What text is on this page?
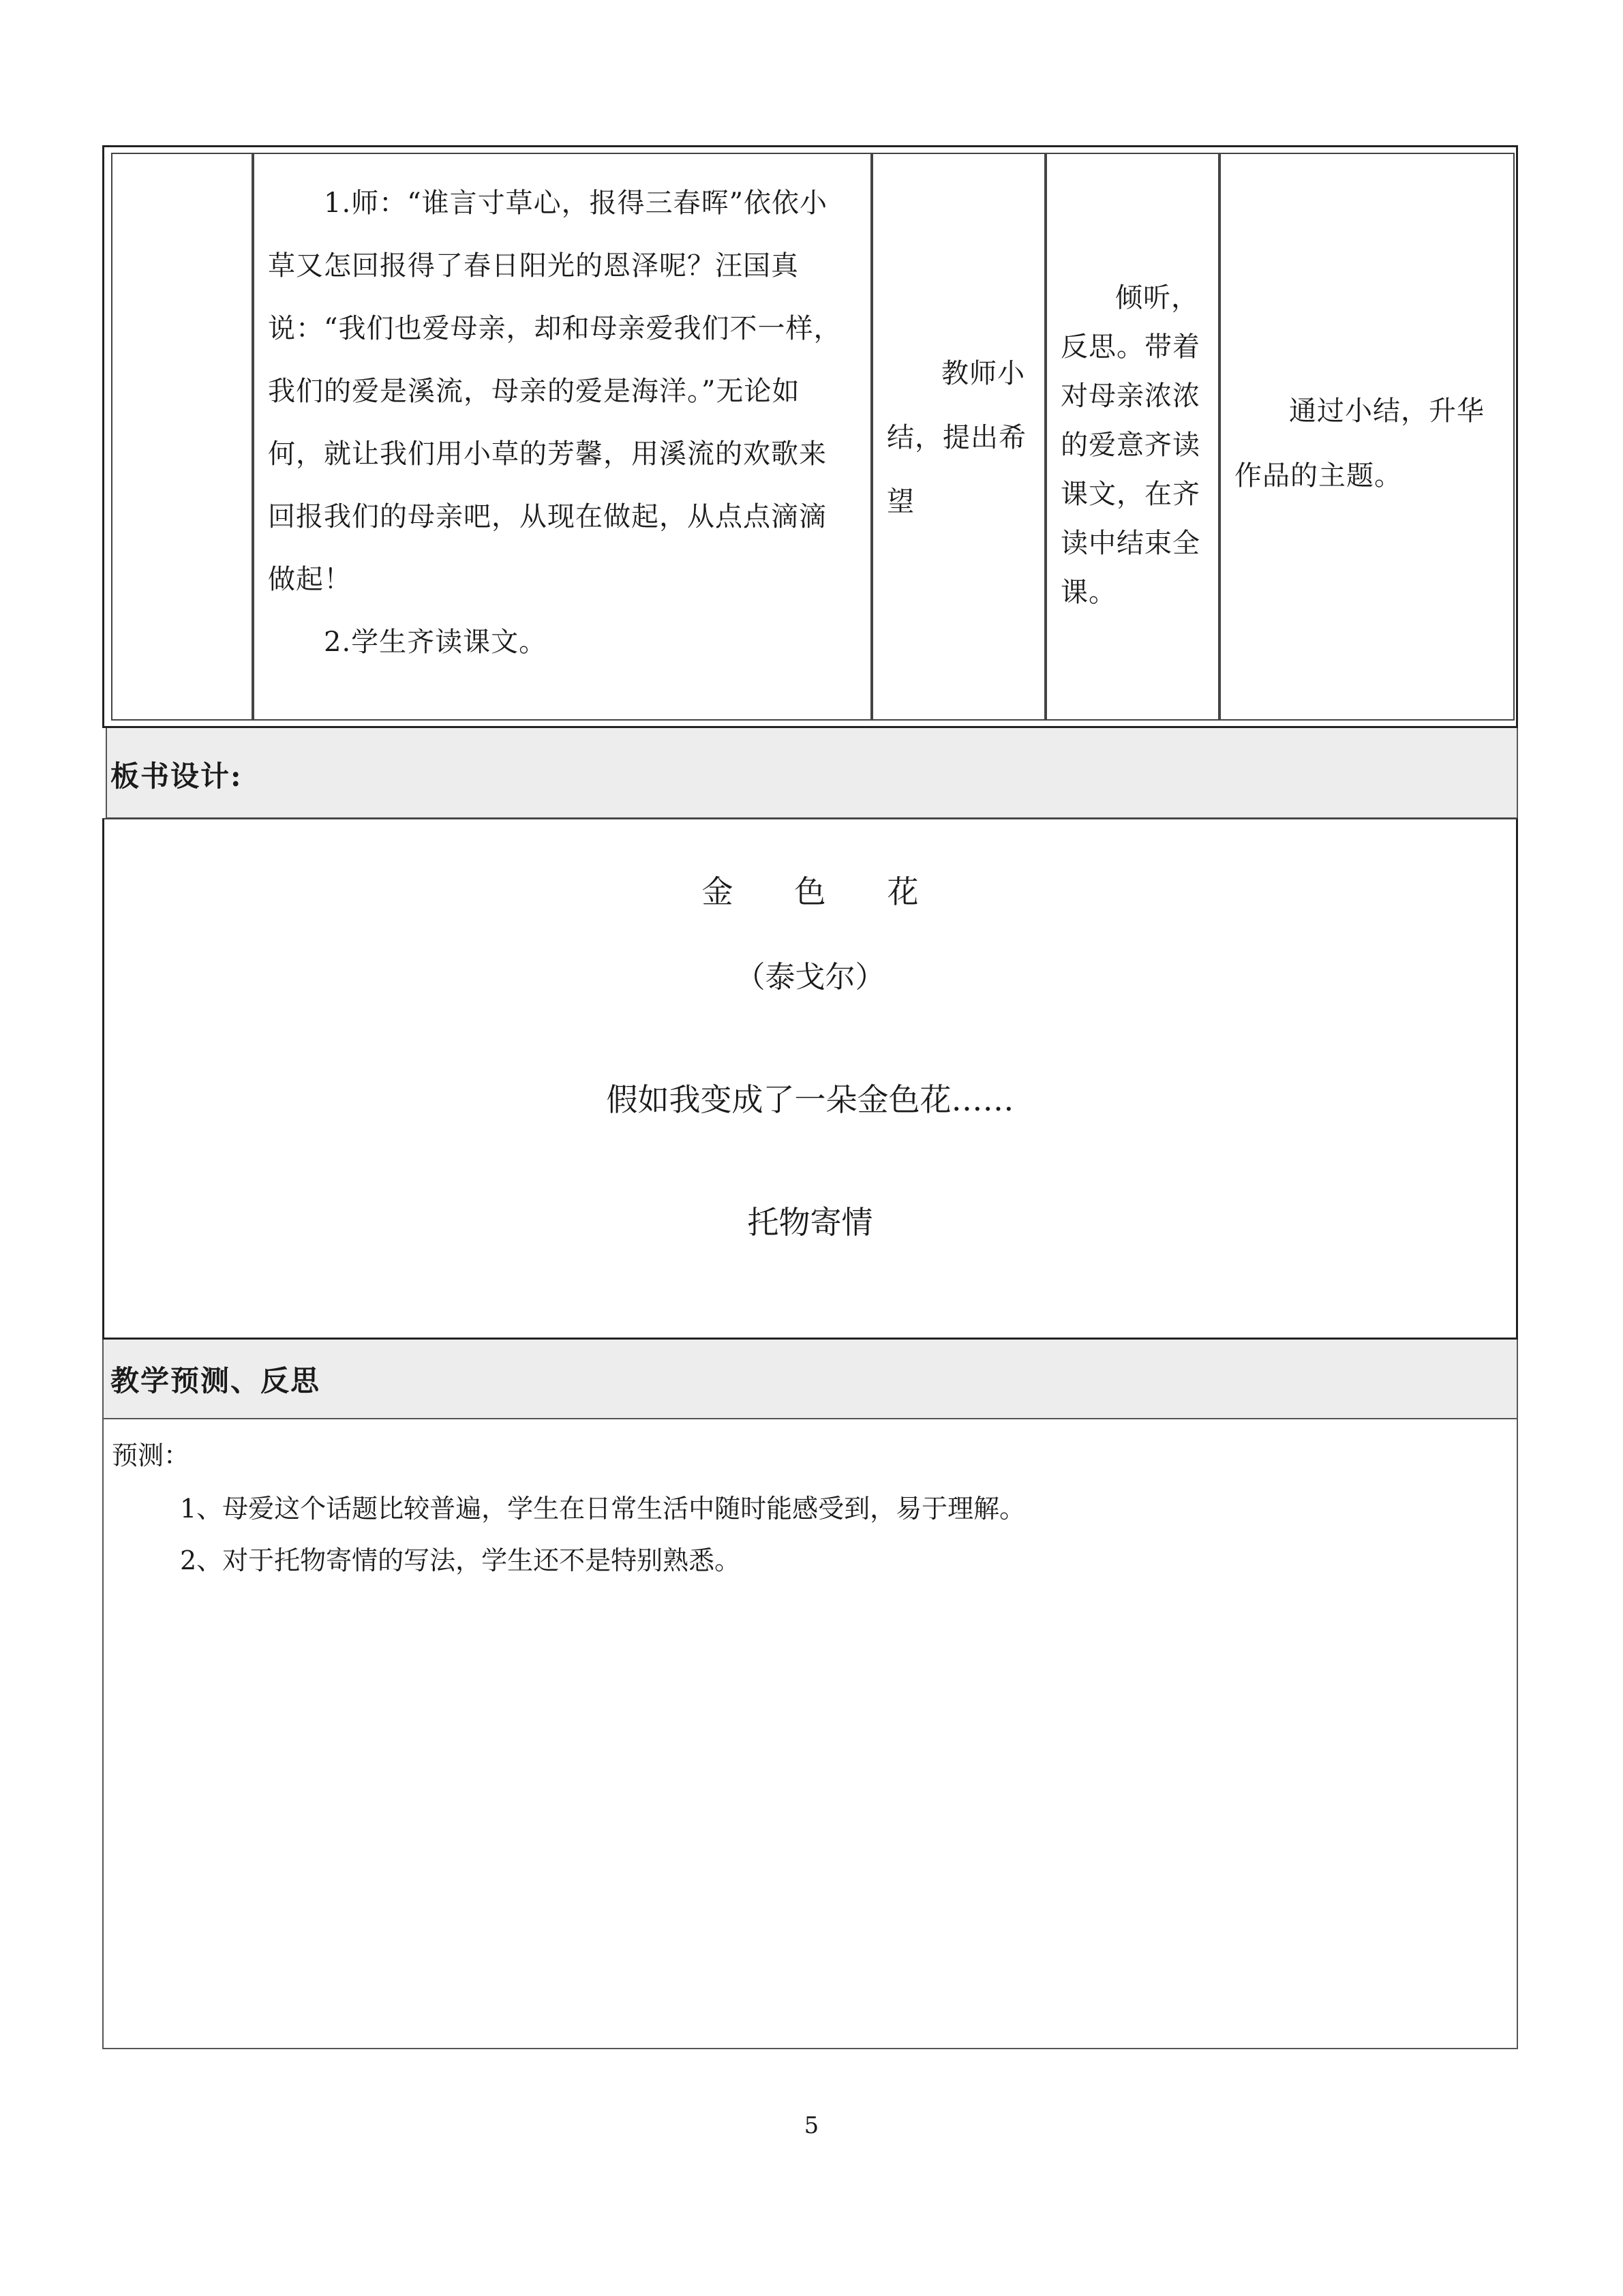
1.师：“谁言寸草心，报得三春晖”依依小草又怎回报得了春日阳光的恩泽呢？汪国真说：“我们也爱母亲，却和母亲爱我们不一样，我们的爱是溪流，母亲的爱是海洋。”无论如何，就让我们用小草的芳馨，用溪流的欢歌来回报我们的母亲吧，从现在做起，从点点滴滴做起！

2.学生齐读课文。

教师小结，提出希望

倾听，反思。带着对母亲浓浓的爱意齐读课文，在齐读中结束全课。

通过小结，升华作品的主题。

板书设计:
金色花
（泰戈尔）
假如我变成了一朵金色花……
托物寄情
教学预测、反思

预测：

1、母爱这个话题比较普遍，学生在日常生活中随时能感受到，易于理解。

2、对于托物寄情的写法，学生还不是特别熟悉。

5
